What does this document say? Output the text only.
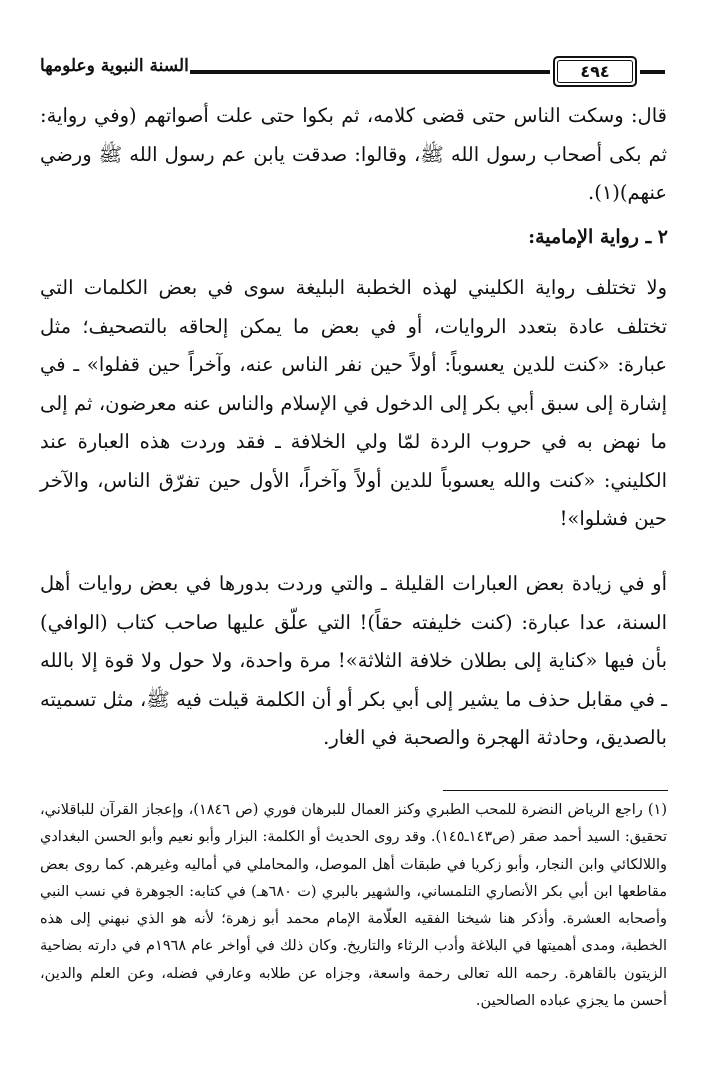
السنة النبوية وعلومها	٤٩٤

قال: وسكت الناس حتى قضى كلامه، ثم بكوا حتى علت أصواتهم (وفي رواية: ثم بكى أصحاب رسول الله ﷺ، وقالوا: صدقت يابن عم رسول الله ﷺ ورضي عنهم)(١).

٢ ـ رواية الإمامية:

ولا تختلف رواية الكليني لهذه الخطبة البليغة سوى في بعض الكلمات التي تختلف عادة بتعدد الروايات، أو في بعض ما يمكن إلحاقه بالتصحيف؛ مثل عبارة: «كنت للدين يعسوباً: أولاً حين نفر الناس عنه، وآخراً حين قفلوا» ـ في إشارة إلى سبق أبي بكر إلى الدخول في الإسلام والناس عنه معرضون، ثم إلى ما نهض به في حروب الردة لمّا ولي الخلافة ـ فقد وردت هذه العبارة عند الكليني: «كنت والله يعسوباً للدين أولاً وآخراً، الأول حين تفرّق الناس، والآخر حين فشلوا»!

أو في زيادة بعض العبارات القليلة ـ والتي وردت بدورها في بعض روايات أهل السنة، عدا عبارة: (كنت خليفته حقاً)! التي علّق عليها صاحب كتاب (الوافي) بأن فيها «كناية إلى بطلان خلافة الثلاثة»! مرة واحدة، ولا حول ولا قوة إلا بالله ـ في مقابل حذف ما يشير إلى أبي بكر أو أن الكلمة قيلت فيه ﷺ، مثل تسميته بالصديق، وحادثة الهجرة والصحبة في الغار.

(١) راجع الرياض النضرة للمحب الطبري وكنز العمال للبرهان فوري (ص ١٨٤٦)، وإعجاز القرآن للباقلاني، تحقيق: السيد أحمد صقر (ص١٤٣ـ١٤٥). وقد روى الحديث أو الكلمة: البزار وأبو نعيم وأبو الحسن البغدادي واللالكائي وابن النجار، وأبو زكريا في طبقات أهل الموصل، والمحاملي في أماليه وغيرهم. كما روى بعض مقاطعها ابن أبي بكر الأنصاري التلمساني، والشهير بالبري (ت ٦٨٠هـ) في كتابه: الجوهرة في نسب النبي وأصحابه العشرة. وأذكر هنا شيخنا الفقيه العلّامة الإمام محمد أبو زهرة؛ لأنه هو الذي نبهني إلى هذه الخطبة، ومدى أهميتها في البلاغة وأدب الرثاء والتاريخ. وكان ذلك في أواخر عام ١٩٦٨م في دارته بضاحية الزيتون بالقاهرة. رحمه الله تعالى رحمة واسعة، وجزاه عن طلابه وعارفي فضله، وعن العلم والدين، أحسن ما يجزي عباده الصالحين.
